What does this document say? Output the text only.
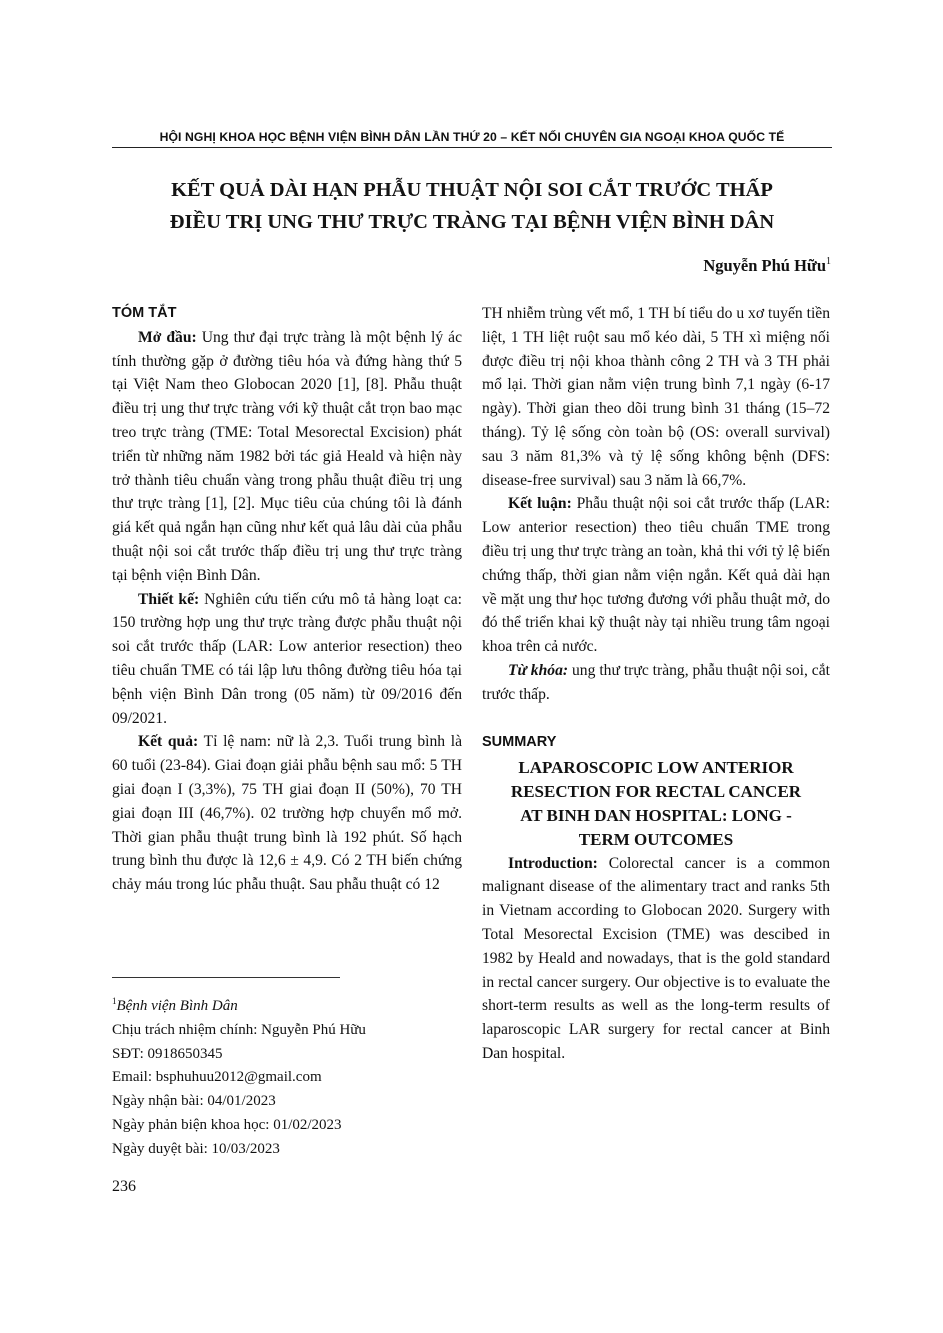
HỘI NGHỊ KHOA HỌC BỆNH VIỆN BÌNH DÂN LẦN THỨ 20 – KẾT NỐI CHUYÊN GIA NGOẠI KHOA QUỐC TẾ
KẾT QUẢ DÀI HẠN PHẪU THUẬT NỘI SOI CẮT TRƯỚC THẤP
ĐIỀU TRỊ UNG THƯ TRỰC TRÀNG TẠI BỆNH VIỆN BÌNH DÂN
Nguyễn Phú Hữu$^1$
TÓM TẮT

Mở đầu: Ung thư đại trực tràng là một bệnh lý ác tính thường gặp ở đường tiêu hóa và đứng hàng thứ 5 tại Việt Nam theo Globocan 2020 [1], [8]. Phẫu thuật điều trị ung thư trực tràng với kỹ thuật cắt trọn bao mạc treo trực tràng (TME: Total Mesorectal Excision) phát triển từ những năm 1982 bởi tác giả Heald và hiện này trở thành tiêu chuẩn vàng trong phẫu thuật điều trị ung thư trực tràng [1], [2]. Mục tiêu của chúng tôi là đánh giá kết quả ngắn hạn cũng như kết quả lâu dài của phẫu thuật nội soi cắt trước thấp điều trị ung thư trực tràng tại bệnh viện Bình Dân.

Thiết kế: Nghiên cứu tiến cứu mô tả hàng loạt ca: 150 trường hợp ung thư trực tràng được phẫu thuật nội soi cắt trước thấp (LAR: Low anterior resection) theo tiêu chuẩn TME có tái lập lưu thông đường tiêu hóa tại bệnh viện Bình Dân trong (05 năm) từ 09/2016 đến 09/2021.

Kết quả: Tỉ lệ nam: nữ là 2,3. Tuổi trung bình là 60 tuổi (23-84). Giai đoạn giải phẫu bệnh sau mổ: 5 TH giai đoạn I (3,3%), 75 TH giai đoạn II (50%), 70 TH giai đoạn III (46,7%). 02 trường hợp chuyển mổ mở. Thời gian phẫu thuật trung bình là 192 phút. Số hạch trung bình thu được là 12,6 ± 4,9. Có 2 TH biến chứng chảy máu trong lúc phẫu thuật. Sau phẫu thuật có 12

TH nhiễm trùng vết mổ, 1 TH bí tiểu do u xơ tuyến tiền liệt, 1 TH liệt ruột sau mổ kéo dài, 5 TH xì miệng nối được điều trị nội khoa thành công 2 TH và 3 TH phải mổ lại. Thời gian nằm viện trung bình 7,1 ngày (6-17 ngày). Thời gian theo dõi trung bình 31 tháng (15–72 tháng). Tỷ lệ sống còn toàn bộ (OS: overall survival) sau 3 năm 81,3% và tỷ lệ sống không bệnh (DFS: disease-free survival) sau 3 năm là 66,7%.

Kết luận: Phẫu thuật nội soi cắt trước thấp (LAR: Low anterior resection) theo tiêu chuẩn TME trong điều trị ung thư trực tràng an toàn, khả thi với tỷ lệ biến chứng thấp, thời gian nằm viện ngắn. Kết quả dài hạn về mặt ung thư học tương đương với phẫu thuật mở, do đó thể triển khai kỹ thuật này tại nhiều trung tâm ngoại khoa trên cả nước.

Từ khóa: ung thư trực tràng, phẫu thuật nội soi, cắt trước thấp.

SUMMARY
LAPAROSCOPIC LOW ANTERIOR
RESECTION FOR RECTAL CANCER
AT BINH DAN HOSPITAL: LONG -
TERM OUTCOMES

Introduction: Colorectal cancer is a common malignant disease of the alimentary tract and ranks 5th in Vietnam according to Globocan 2020. Surgery with Total Mesorectal Excision (TME) was descibed in 1982 by Heald and nowadays, that is the gold standard in rectal cancer surgery. Our objective is to evaluate the short-term results as well as the long-term results of laparoscopic LAR surgery for rectal cancer at Binh Dan hospital.

$^1$Bệnh viện Bình Dân
Chịu trách nhiệm chính: Nguyễn Phú Hữu
SĐT: 0918650345
Email: bsphuhuu2012@gmail.com
Ngày nhận bài: 04/01/2023
Ngày phản biện khoa học: 01/02/2023
Ngày duyệt bài: 10/03/2023
236
